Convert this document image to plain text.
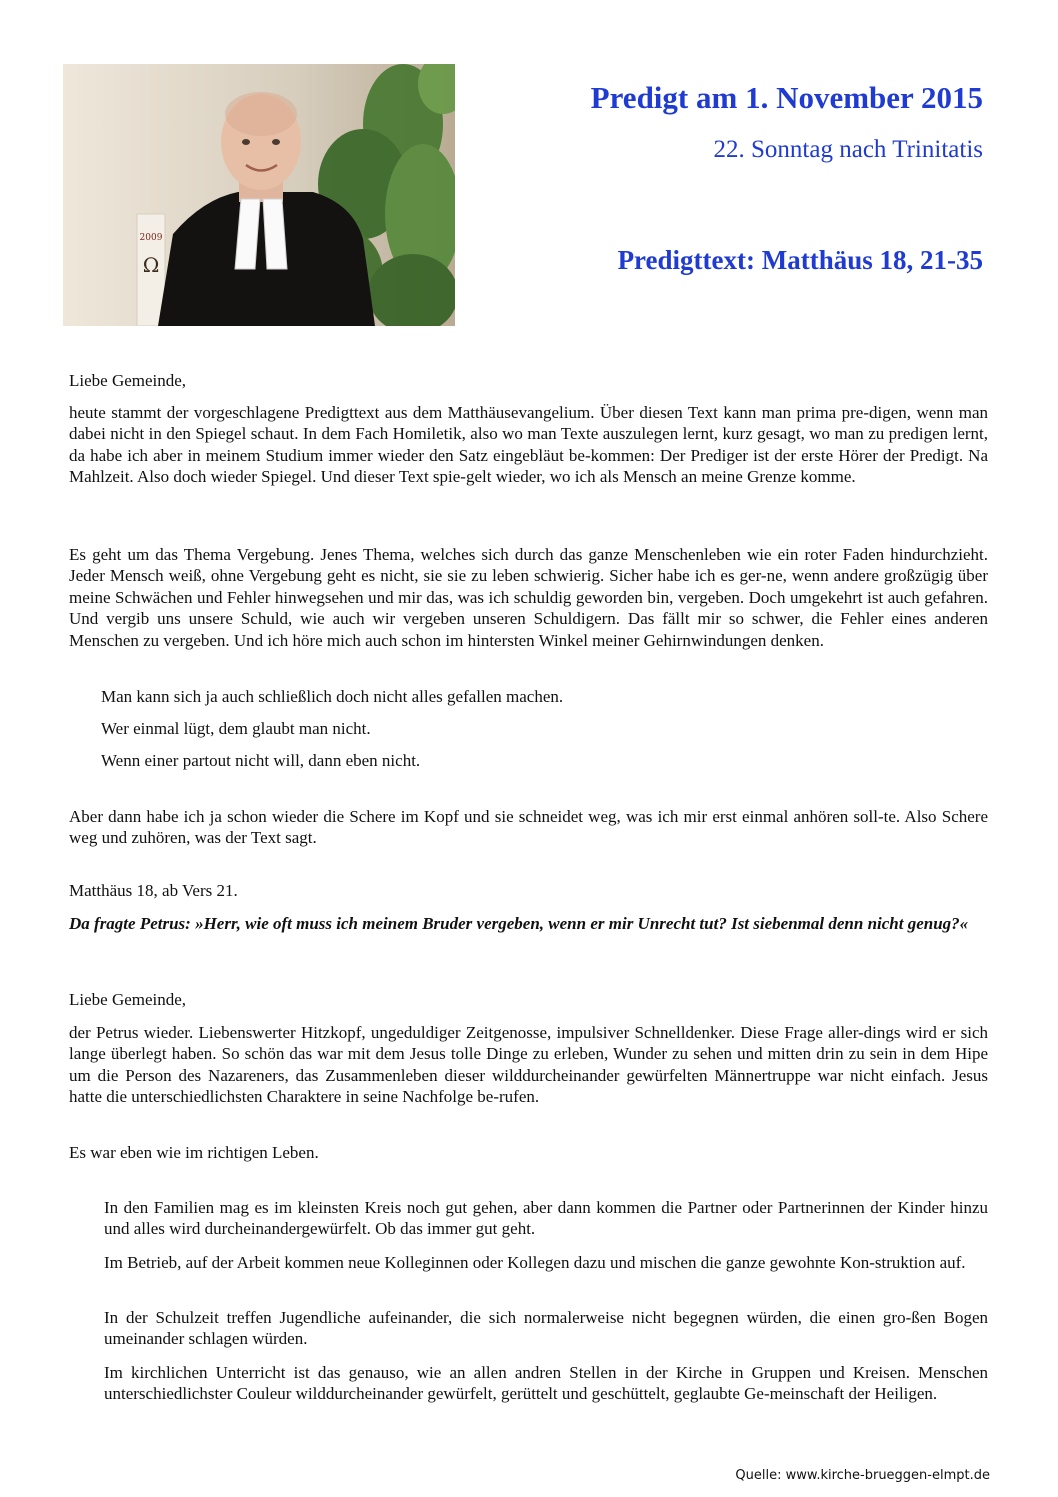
2009
Ω
Predigt am 1. November 2015
22. Sonntag nach Trinitatis
Predigttext: Matthäus 18, 21-35
Liebe Gemeinde,
heute stammt der vorgeschlagene Predigttext aus dem Matthäusevangelium. Über diesen Text kann man prima pre-digen, wenn man dabei nicht in den Spiegel schaut. In dem Fach Homiletik, also wo man Texte auszulegen lernt, kurz gesagt, wo man zu predigen lernt, da habe ich aber in meinem Studium immer wieder den Satz eingebläut be-kommen: Der Prediger ist der erste Hörer der Predigt. Na Mahlzeit. Also doch wieder Spiegel. Und dieser Text spie-gelt wieder, wo ich als Mensch an meine Grenze komme.
Es geht um das Thema Vergebung. Jenes Thema, welches sich durch das ganze Menschenleben wie ein roter Faden hindurchzieht. Jeder Mensch weiß, ohne Vergebung geht es nicht, sie sie zu leben schwierig. Sicher habe ich es ger-ne, wenn andere großzügig über meine Schwächen und Fehler hinwegsehen und mir das, was ich schuldig geworden bin, vergeben. Doch umgekehrt ist auch gefahren. Und vergib uns unsere Schuld, wie auch wir vergeben unseren Schuldigern. Das fällt mir so schwer, die Fehler eines anderen Menschen zu vergeben. Und ich höre mich auch schon im hintersten Winkel meiner Gehirnwindungen denken.
Man kann sich ja auch schließlich doch nicht alles gefallen machen.
Wer einmal lügt, dem glaubt man nicht.
Wenn einer partout nicht will, dann eben nicht.
Aber dann habe ich ja schon wieder die Schere im Kopf und sie schneidet weg, was ich mir erst einmal anhören soll-te. Also Schere weg und zuhören, was der Text sagt.
Matthäus 18, ab Vers 21.
Da fragte Petrus: »Herr, wie oft muss ich meinem Bruder vergeben, wenn er mir Unrecht tut? Ist siebenmal denn nicht genug?«
Liebe Gemeinde,
der Petrus wieder. Liebenswerter Hitzkopf, ungeduldiger Zeitgenosse, impulsiver Schnelldenker. Diese Frage aller-dings wird er sich lange überlegt haben. So schön das war mit dem Jesus tolle Dinge zu erleben, Wunder zu sehen und mitten drin zu sein in dem Hipe um die Person des Nazareners, das Zusammenleben dieser wilddurcheinander gewürfelten Männertruppe war nicht einfach. Jesus hatte die unterschiedlichsten Charaktere in seine Nachfolge be-rufen.
Es war eben wie im richtigen Leben.
In den Familien mag es im kleinsten Kreis noch gut gehen, aber dann kommen die Partner oder Partnerinnen der Kinder hinzu und alles wird durcheinandergewürfelt. Ob das immer gut geht.
Im Betrieb, auf der Arbeit kommen neue Kolleginnen oder Kollegen dazu und mischen die ganze gewohnte Kon-struktion auf.
In der Schulzeit treffen Jugendliche aufeinander, die sich normalerweise nicht begegnen würden, die einen gro-ßen Bogen umeinander schlagen würden.
Im kirchlichen Unterricht ist das genauso, wie an allen andren Stellen in der Kirche in Gruppen und Kreisen. Menschen unterschiedlichster Couleur wilddurcheinander gewürfelt, gerüttelt und geschüttelt, geglaubte Ge-meinschaft der Heiligen.
Quelle: www.kirche-brueggen-elmpt.de
